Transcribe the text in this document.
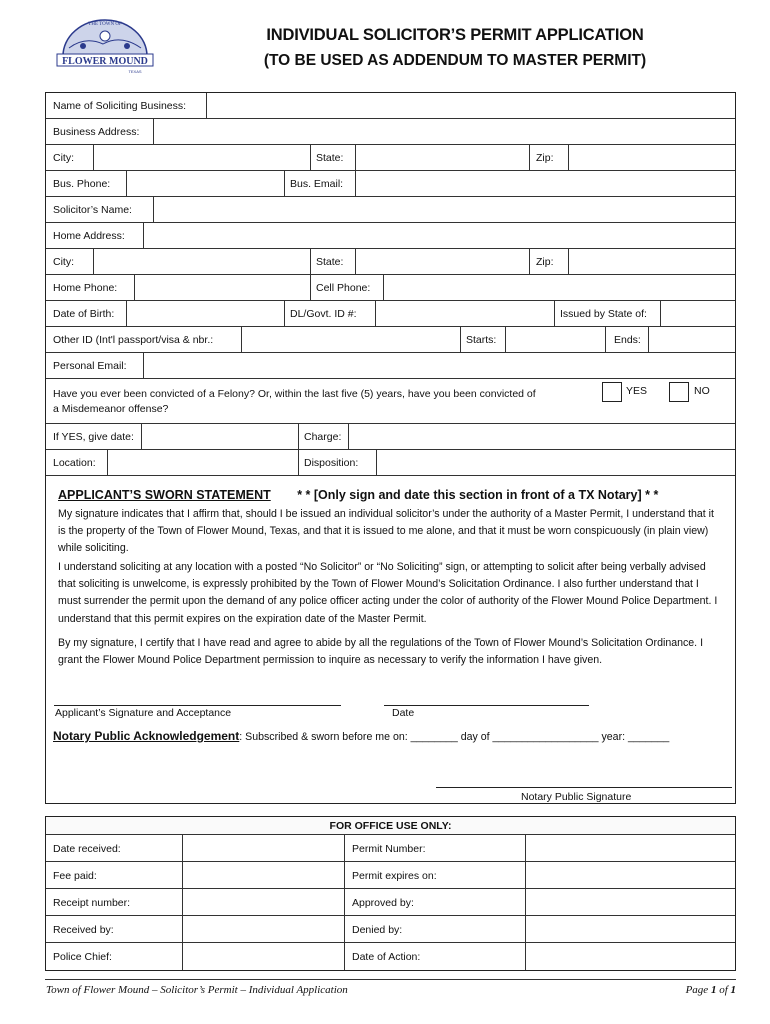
THE TOWN OF
FLOWER MOUND
TEXAS
INDIVIDUAL SOLICITOR’S PERMIT APPLICATION
(TO BE USED AS ADDENDUM TO MASTER PERMIT)
Name of Soliciting Business:
Business Address:
City:	State:	Zip:
Bus. Phone:	Bus. Email:
Solicitor’s Name:
Home Address:
City:	State:	Zip:
Home Phone:	Cell Phone:
Date of Birth:	DL/Govt. ID #:	Issued by State of:
Other ID (Int'l passport/visa & nbr.:	Starts:	Ends:
Personal Email:
Have you ever been convicted of a Felony? Or, within the last five (5) years, have you been convicted of
a Misdemeanor offense?
YES	NO
If YES, give date:	Charge:
Location:	Disposition:
APPLICANT’S SWORN STATEMENT * * [Only sign and date this section in front of a TX Notary] * *

My signature indicates that I affirm that, should I be issued an individual solicitor’s under the authority of a Master Permit, I understand that it is the property of the Town of Flower Mound, Texas, and that it is issued to me alone, and that it must be worn conspicuously (in plain view) while soliciting.

I understand soliciting at any location with a posted “No Solicitor” or “No Soliciting” sign, or attempting to solicit after being verbally advised that soliciting is unwelcome, is expressly prohibited by the Town of Flower Mound’s Solicitation Ordinance. I also further understand that I must surrender the permit upon the demand of any police officer acting under the color of authority of the Flower Mound Police Department. I understand that this permit expires on the expiration date of the Master Permit.

By my signature, I certify that I have read and agree to abide by all the regulations of the Town of Flower Mound’s Solicitation Ordinance. I grant the Flower Mound Police Department permission to inquire as necessary to verify the information I have given.

Applicant’s Signature and Acceptance	Date
Notary Public Acknowledgement: Subscribed & sworn before me on: ________ day of __________________ year: _______
Notary Public Signature
FOR OFFICE USE ONLY:
Date received:	Permit Number:
Fee paid:	Permit expires on:
Receipt number:	Approved by:
Received by:	Denied by:
Police Chief:	Date of Action:
Town of Flower Mound – Solicitor’s Permit – Individual Application	Page 1 of 1
